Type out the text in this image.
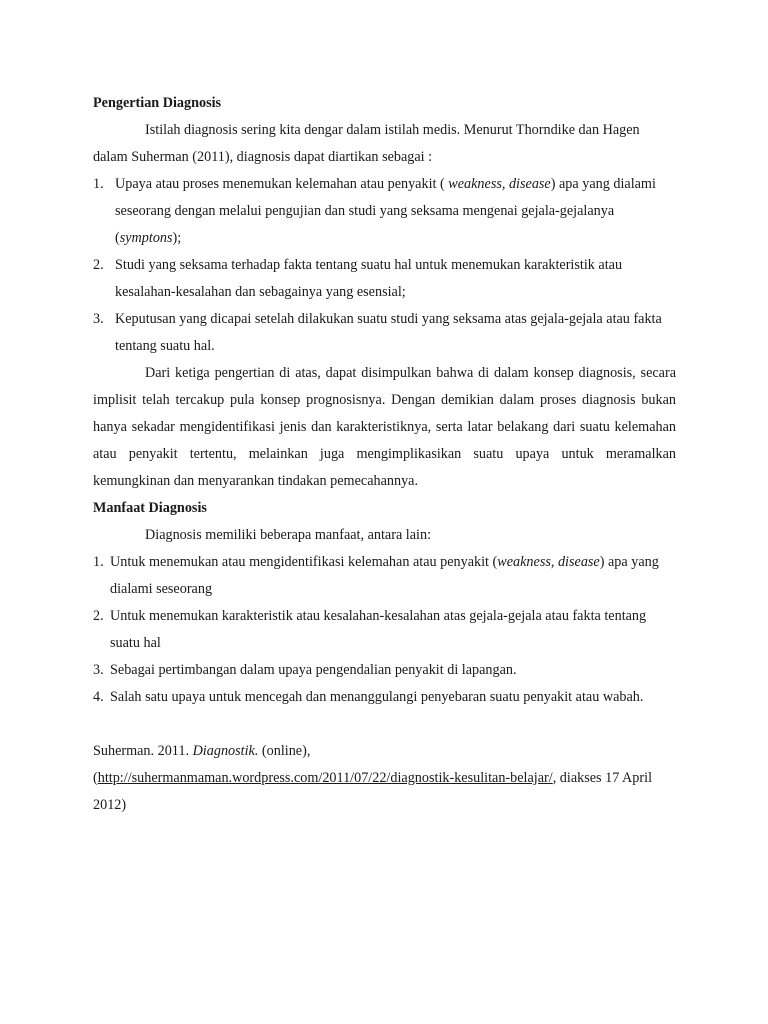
Pengertian Diagnosis

Istilah diagnosis sering kita dengar dalam istilah medis. Menurut Thorndike dan Hagen dalam Suherman (2011), diagnosis dapat diartikan sebagai :

1. Upaya atau proses menemukan kelemahan atau penyakit ( weakness, disease) apa yang dialami seseorang dengan melalui pengujian dan studi yang seksama mengenai gejala-gejalanya (symptons);
2. Studi yang seksama terhadap fakta tentang suatu hal untuk menemukan karakteristik atau kesalahan-kesalahan dan sebagainya yang esensial;
3. Keputusan yang dicapai setelah dilakukan suatu studi yang seksama atas gejala-gejala atau fakta tentang suatu hal.

Dari ketiga pengertian di atas, dapat disimpulkan bahwa di dalam konsep diagnosis, secara implisit telah tercakup pula konsep prognosisnya. Dengan demikian dalam proses diagnosis bukan hanya sekadar mengidentifikasi jenis dan karakteristiknya, serta latar belakang dari suatu kelemahan atau penyakit tertentu, melainkan juga mengimplikasikan suatu upaya untuk meramalkan kemungkinan dan menyarankan tindakan pemecahannya.

Manfaat Diagnosis

Diagnosis memiliki beberapa manfaat, antara lain:

1. Untuk menemukan atau mengidentifikasi kelemahan atau penyakit (weakness, disease) apa yang dialami seseorang
2. Untuk menemukan karakteristik atau kesalahan-kesalahan atas gejala-gejala atau fakta tentang suatu hal
3. Sebagai pertimbangan dalam upaya pengendalian penyakit di lapangan.
4. Salah satu upaya untuk mencegah dan menanggulangi penyebaran suatu penyakit atau wabah.

Suherman. 2011. Diagnostik. (online),
(http://suhermanmaman.wordpress.com/2011/07/22/diagnostik-kesulitan-belajar/, diakses 17 April 2012)
